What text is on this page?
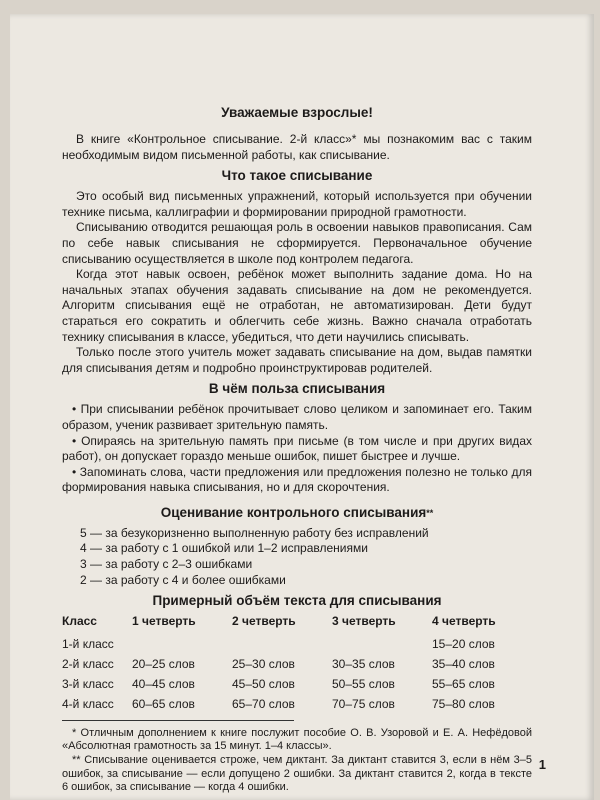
Уважаемые взрослые!

В книге «Контрольное списывание. 2-й класс»* мы познакомим вас с таким необходимым видом письменной работы, как списывание.

Что такое списывание

Это особый вид письменных упражнений, который используется при обучении технике письма, каллиграфии и формировании природной грамотности.

Списыванию отводится решающая роль в освоении навыков правописания. Сам по себе навык списывания не сформируется. Первоначальное обучение списыванию осуществляется в школе под контролем педагога.

Когда этот навык освоен, ребёнок может выполнить задание дома. Но на начальных этапах обучения задавать списывание на дом не рекомендуется. Алгоритм списывания ещё не отработан, не автоматизирован. Дети будут стараться его сократить и облегчить себе жизнь. Важно сначала отработать технику списывания в классе, убедиться, что дети научились списывать.

Только после этого учитель может задавать списывание на дом, выдав памятки для списывания детям и подробно проинструктировав родителей.

В чём польза списывания

• При списывании ребёнок прочитывает слово целиком и запоминает его. Таким образом, ученик развивает зрительную память.

• Опираясь на зрительную память при письме (в том числе и при других видах работ), он допускает гораздо меньше ошибок, пишет быстрее и лучше.

• Запоминать слова, части предложения или предложения полезно не только для формирования навыка списывания, но и для скорочтения.

Оценивание контрольного списывания**
5 — за безукоризненно выполненную работу без исправлений
4 — за работу с 1 ошибкой или 1–2 исправлениями
3 — за работу с 2–3 ошибками
2 — за работу с 4 и более ошибками
Примерный объём текста для списывания
Класс	1 четверть	2 четверть	3 четверть	4 четверть
1-й класс				15–20 слов
2-й класс	20–25 слов	25–30 слов	30–35 слов	35–40 слов
3-й класс	40–45 слов	45–50 слов	50–55 слов	55–65 слов
4-й класс	60–65 слов	65–70 слов	70–75 слов	75–80 слов

* Отличным дополнением к книге послужит пособие О. В. Узоровой и Е. А. Нефёдовой «Абсолютная грамотность за 15 минут. 1–4 классы».

** Списывание оценивается строже, чем диктант. За диктант ставится 3, если в нём 3–5 ошибок, за списывание — если допущено 2 ошибки. За диктант ставится 2, когда в тексте 6 ошибок, за списывание — когда 4 ошибки.

1
